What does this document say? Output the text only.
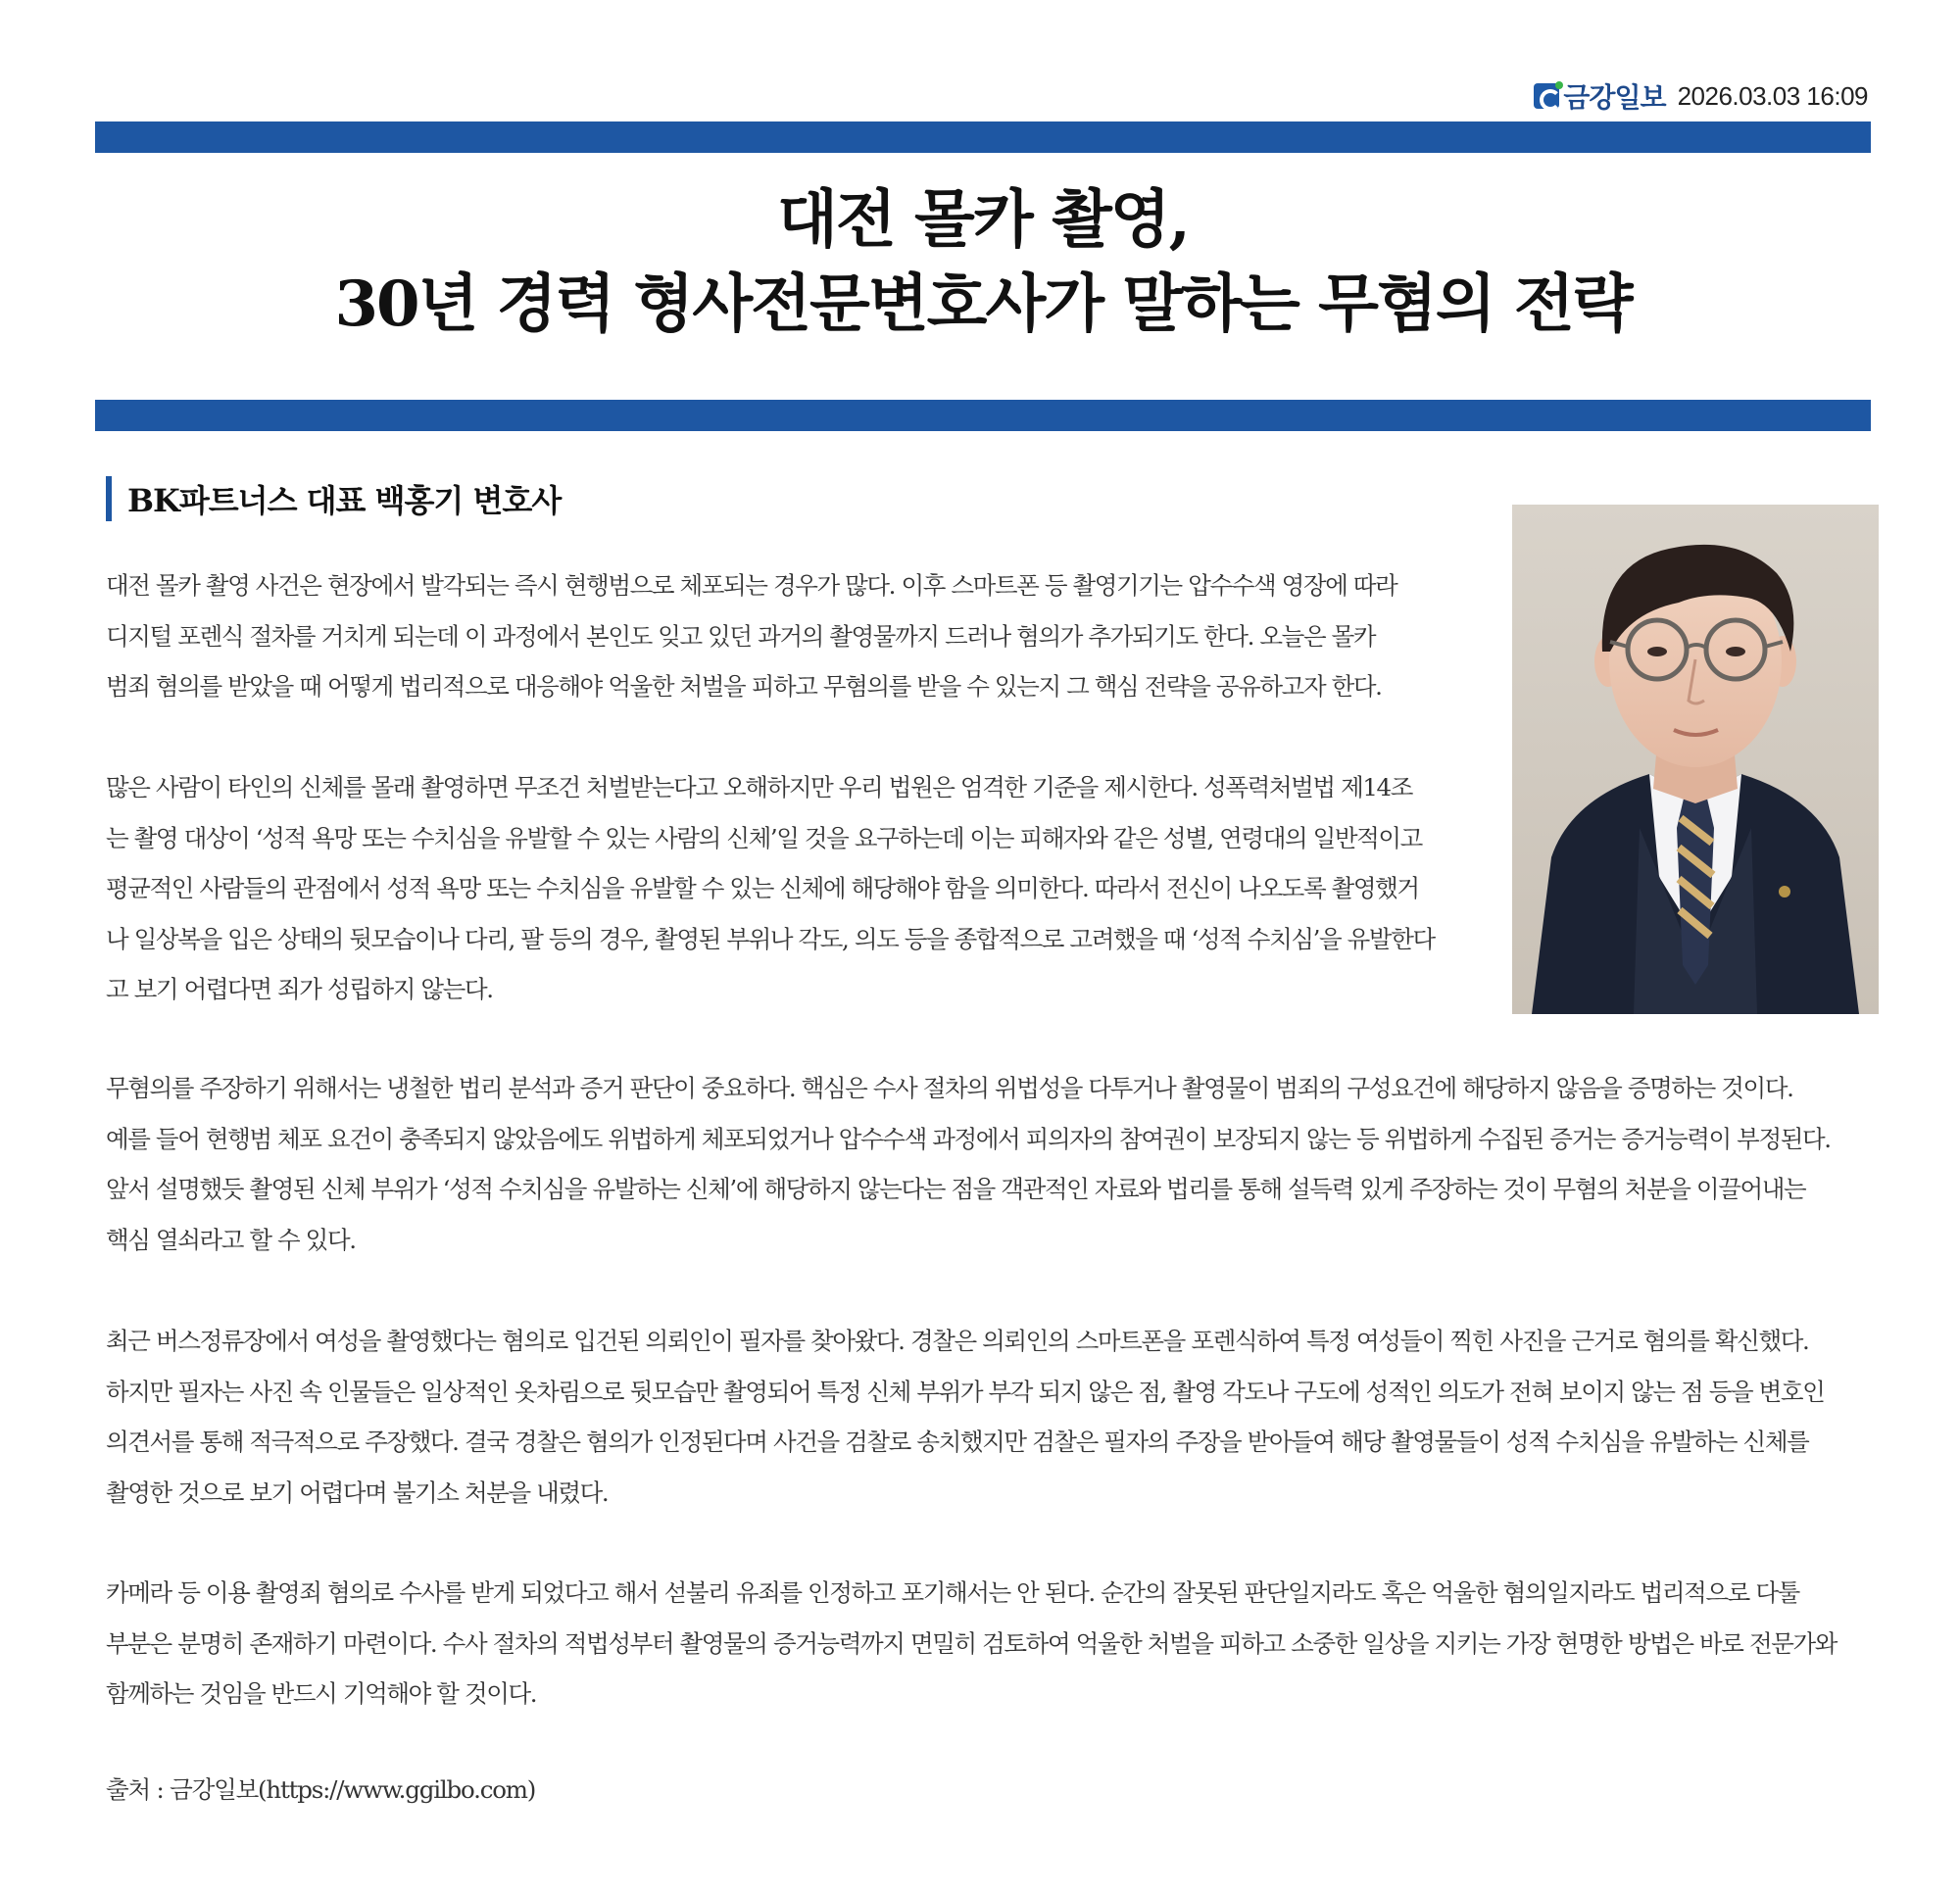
금강일보 2026.03.03 16:09
대전 몰카 촬영,
30년 경력 형사전문변호사가 말하는 무혐의 전략
BK파트너스 대표 백홍기 변호사
대전 몰카 촬영 사건은 현장에서 발각되는 즉시 현행범으로 체포되는 경우가 많다. 이후 스마트폰 등 촬영기기는 압수수색 영장에 따라
디지털 포렌식 절차를 거치게 되는데 이 과정에서 본인도 잊고 있던 과거의 촬영물까지 드러나 혐의가 추가되기도 한다. 오늘은 몰카
범죄 혐의를 받았을 때 어떻게 법리적으로 대응해야 억울한 처벌을 피하고 무혐의를 받을 수 있는지 그 핵심 전략을 공유하고자 한다.
많은 사람이 타인의 신체를 몰래 촬영하면 무조건 처벌받는다고 오해하지만 우리 법원은 엄격한 기준을 제시한다. 성폭력처벌법 제14조
는 촬영 대상이 ‘성적 욕망 또는 수치심을 유발할 수 있는 사람의 신체’일 것을 요구하는데 이는 피해자와 같은 성별, 연령대의 일반적이고
평균적인 사람들의 관점에서 성적 욕망 또는 수치심을 유발할 수 있는 신체에 해당해야 함을 의미한다. 따라서 전신이 나오도록 촬영했거
나 일상복을 입은 상태의 뒷모습이나 다리, 팔 등의 경우, 촬영된 부위나 각도, 의도 등을 종합적으로 고려했을 때 ‘성적 수치심’을 유발한다
고 보기 어렵다면 죄가 성립하지 않는다.
무혐의를 주장하기 위해서는 냉철한 법리 분석과 증거 판단이 중요하다. 핵심은 수사 절차의 위법성을 다투거나 촬영물이 범죄의 구성요건에 해당하지 않음을 증명하는 것이다.
예를 들어 현행범 체포 요건이 충족되지 않았음에도 위법하게 체포되었거나 압수수색 과정에서 피의자의 참여권이 보장되지 않는 등 위법하게 수집된 증거는 증거능력이 부정된다.
앞서 설명했듯 촬영된 신체 부위가 ‘성적 수치심을 유발하는 신체’에 해당하지 않는다는 점을 객관적인 자료와 법리를 통해 설득력 있게 주장하는 것이 무혐의 처분을 이끌어내는
핵심 열쇠라고 할 수 있다.
최근 버스정류장에서 여성을 촬영했다는 혐의로 입건된 의뢰인이 필자를 찾아왔다. 경찰은 의뢰인의 스마트폰을 포렌식하여 특정 여성들이 찍힌 사진을 근거로 혐의를 확신했다.
하지만 필자는 사진 속 인물들은 일상적인 옷차림으로 뒷모습만 촬영되어 특정 신체 부위가 부각 되지 않은 점, 촬영 각도나 구도에 성적인 의도가 전혀 보이지 않는 점 등을 변호인
의견서를 통해 적극적으로 주장했다. 결국 경찰은 혐의가 인정된다며 사건을 검찰로 송치했지만 검찰은 필자의 주장을 받아들여 해당 촬영물들이 성적 수치심을 유발하는 신체를
촬영한 것으로 보기 어렵다며 불기소 처분을 내렸다.
카메라 등 이용 촬영죄 혐의로 수사를 받게 되었다고 해서 섣불리 유죄를 인정하고 포기해서는 안 된다. 순간의 잘못된 판단일지라도 혹은 억울한 혐의일지라도 법리적으로 다툴
부분은 분명히 존재하기 마련이다. 수사 절차의 적법성부터 촬영물의 증거능력까지 면밀히 검토하여 억울한 처벌을 피하고 소중한 일상을 지키는 가장 현명한 방법은 바로 전문가와
함께하는 것임을 반드시 기억해야 할 것이다.
출처 : 금강일보(https://www.ggilbo.com)
